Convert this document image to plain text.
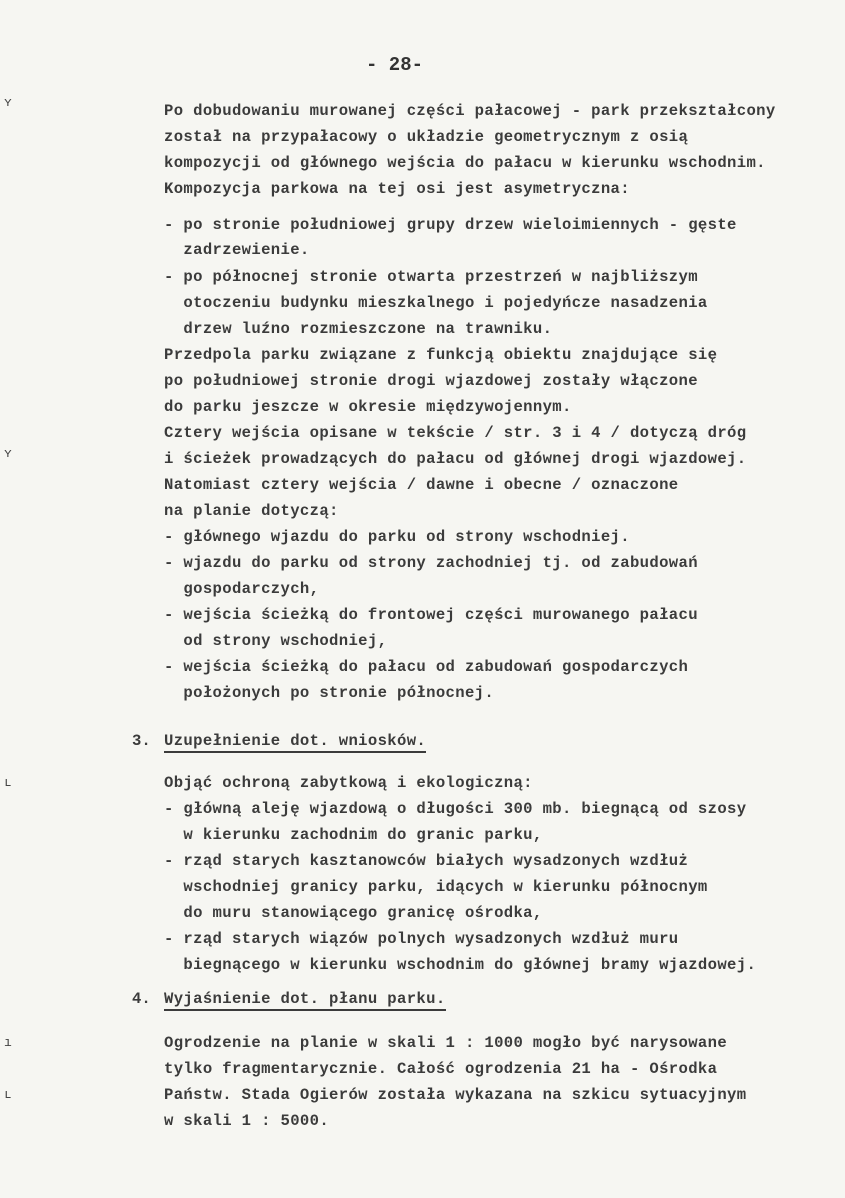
- 28-
ʏ
ʏ
ʟ
ı
ʟ
Po dobudowaniu murowanej części pałacowej - park przekształcony
został na przypałacowy o układzie geometrycznym z osią
kompozycji od głównego wejścia do pałacu w kierunku wschodnim.
Kompozycja parkowa na tej osi jest asymetryczna:
- po stronie południowej grupy drzew wieloimiennych - gęste
zadrzewienie.
- po północnej stronie otwarta przestrzeń w najbliższym
otoczeniu budynku mieszkalnego i pojedyńcze nasadzenia
drzew luźno rozmieszczone na trawniku.
Przedpola parku związane z funkcją obiektu znajdujące się
po południowej stronie drogi wjazdowej zostały włączone
do parku jeszcze w okresie międzywojennym.
Cztery wejścia opisane w tekście / str. 3 i 4 / dotyczą dróg
i ścieżek prowadzących do pałacu od głównej drogi wjazdowej.
Natomiast cztery wejścia / dawne i obecne / oznaczone
na planie dotyczą:
- głównego wjazdu do parku od strony wschodniej.
- wjazdu do parku od strony zachodniej tj. od zabudowań
gospodarczych,
- wejścia ścieżką do frontowej części murowanego pałacu
od strony wschodniej,
- wejścia ścieżką do pałacu od zabudowań gospodarczych
położonych po stronie północnej.
3. Uzupełnienie dot. wniosków.
Objąć ochroną zabytkową i ekologiczną:
- główną aleję wjazdową o długości 300 mb. biegnącą od szosy
w kierunku zachodnim do granic parku,
- rząd starych kasztanowców białych wysadzonych wzdłuż
wschodniej granicy parku, idących w kierunku północnym
do muru stanowiącego granicę ośrodka,
- rząd starych wiązów polnych wysadzonych wzdłuż muru
biegnącego w kierunku wschodnim do głównej bramy wjazdowej.
4. Wyjaśnienie dot. płanu parku.
Ogrodzenie na planie w skali 1 : 1000 mogło być narysowane
tylko fragmentarycznie. Całość ogrodzenia 21 ha - Ośrodka
Państw. Stada Ogierów została wykazana na szkicu sytuacyjnym
w skali 1 : 5000.
